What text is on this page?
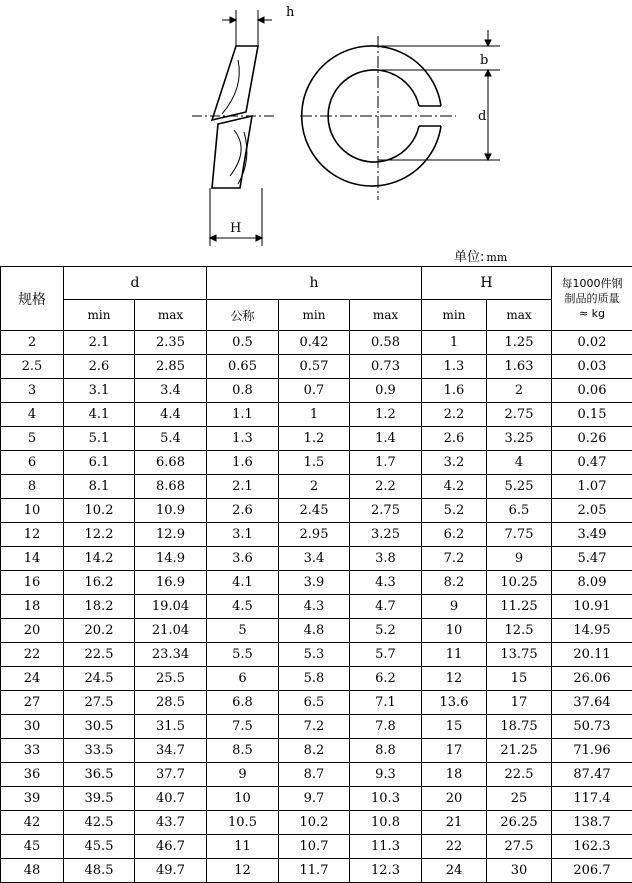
h
b
d
H
单位: mm
规格	d		h			H		每1000件钢
制品的质量
≈ kg
	min	max	公称	min	max	min	max	
2	2.1	2.35	0.5	0.42	0.58	1	1.25	0.02
2.5	2.6	2.85	0.65	0.57	0.73	1.3	1.63	0.03
3	3.1	3.4	0.8	0.7	0.9	1.6	2	0.06
4	4.1	4.4	1.1	1	1.2	2.2	2.75	0.15
5	5.1	5.4	1.3	1.2	1.4	2.6	3.25	0.26
6	6.1	6.68	1.6	1.5	1.7	3.2	4	0.47
8	8.1	8.68	2.1	2	2.2	4.2	5.25	1.07
10	10.2	10.9	2.6	2.45	2.75	5.2	6.5	2.05
12	12.2	12.9	3.1	2.95	3.25	6.2	7.75	3.49
14	14.2	14.9	3.6	3.4	3.8	7.2	9	5.47
16	16.2	16.9	4.1	3.9	4.3	8.2	10.25	8.09
18	18.2	19.04	4.5	4.3	4.7	9	11.25	10.91
20	20.2	21.04	5	4.8	5.2	10	12.5	14.95
22	22.5	23.34	5.5	5.3	5.7	11	13.75	20.11
24	24.5	25.5	6	5.8	6.2	12	15	26.06
27	27.5	28.5	6.8	6.5	7.1	13.6	17	37.64
30	30.5	31.5	7.5	7.2	7.8	15	18.75	50.73
33	33.5	34.7	8.5	8.2	8.8	17	21.25	71.96
36	36.5	37.7	9	8.7	9.3	18	22.5	87.47
39	39.5	40.7	10	9.7	10.3	20	25	117.4
42	42.5	43.7	10.5	10.2	10.8	21	26.25	138.7
45	45.5	46.7	11	10.7	11.3	22	27.5	162.3
48	48.5	49.7	12	11.7	12.3	24	30	206.7
